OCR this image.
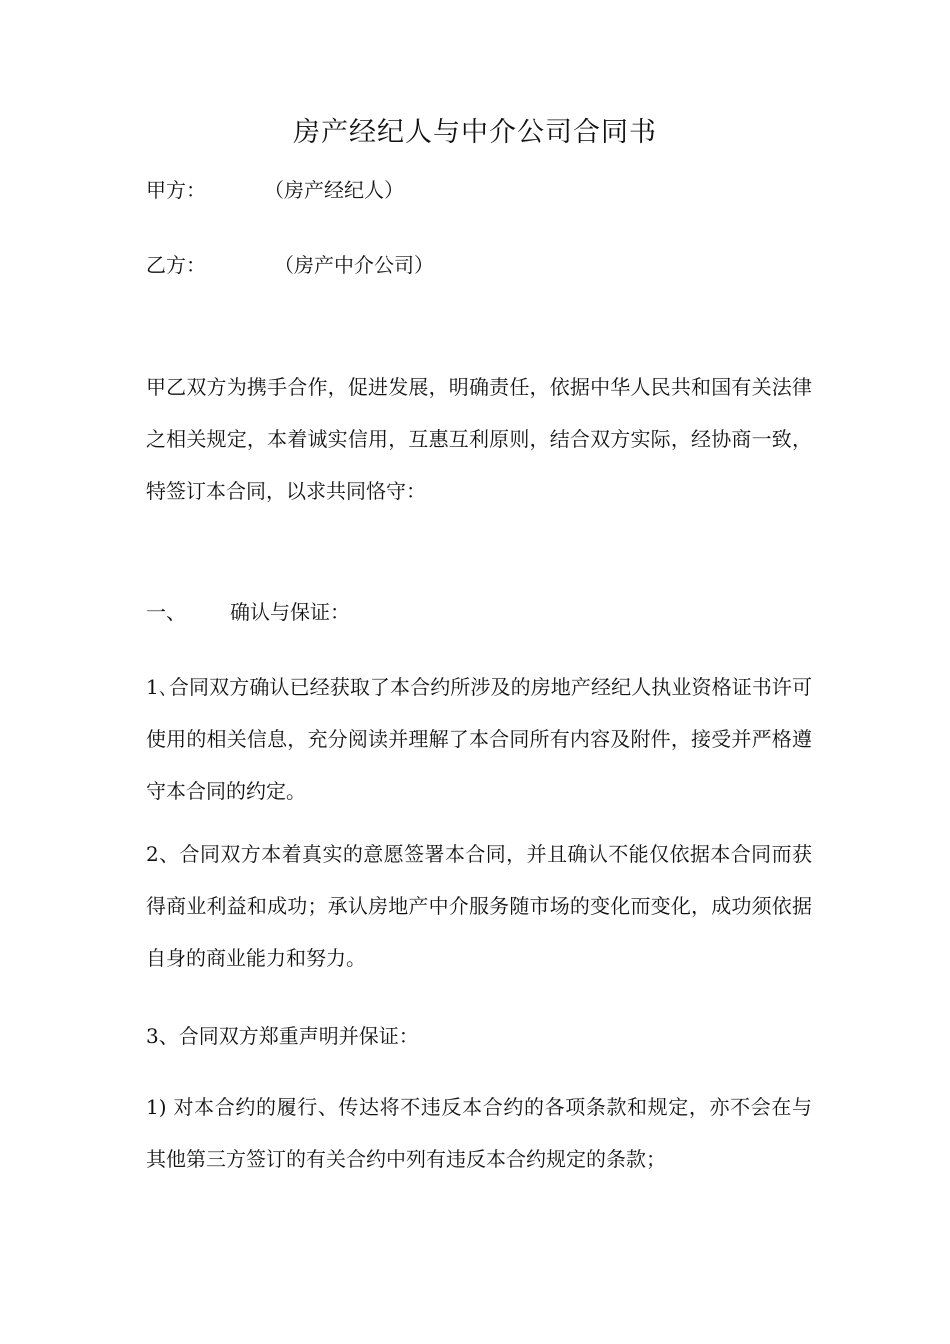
房产经纪人与中介公司合同书
甲方：	（房产经纪人）
乙方：	（房产中介公司）

甲乙双方为携手合作，促进发展，明确责任，依据中华人民共和国有关法律之相关规定，本着诚实信用，互惠互利原则，结合双方实际，经协商一致，特签订本合同，以求共同恪守：

一、 确认与保证：

1､合同双方确认已经获取了本合约所涉及的房地产经纪人执业资格证书许可使用的相关信息，充分阅读并理解了本合同所有内容及附件，接受并严格遵守本合同的约定。

2、合同双方本着真实的意愿签署本合同，并且确认不能仅依据本合同而获得商业利益和成功；承认房地产中介服务随市场的变化而变化，成功须依据自身的商业能力和努力。

3、合同双方郑重声明并保证：

1) 对本合约的履行、传达将不违反本合约的各项条款和规定，亦不会在与其他第三方签订的有关合约中列有违反本合约规定的条款；
